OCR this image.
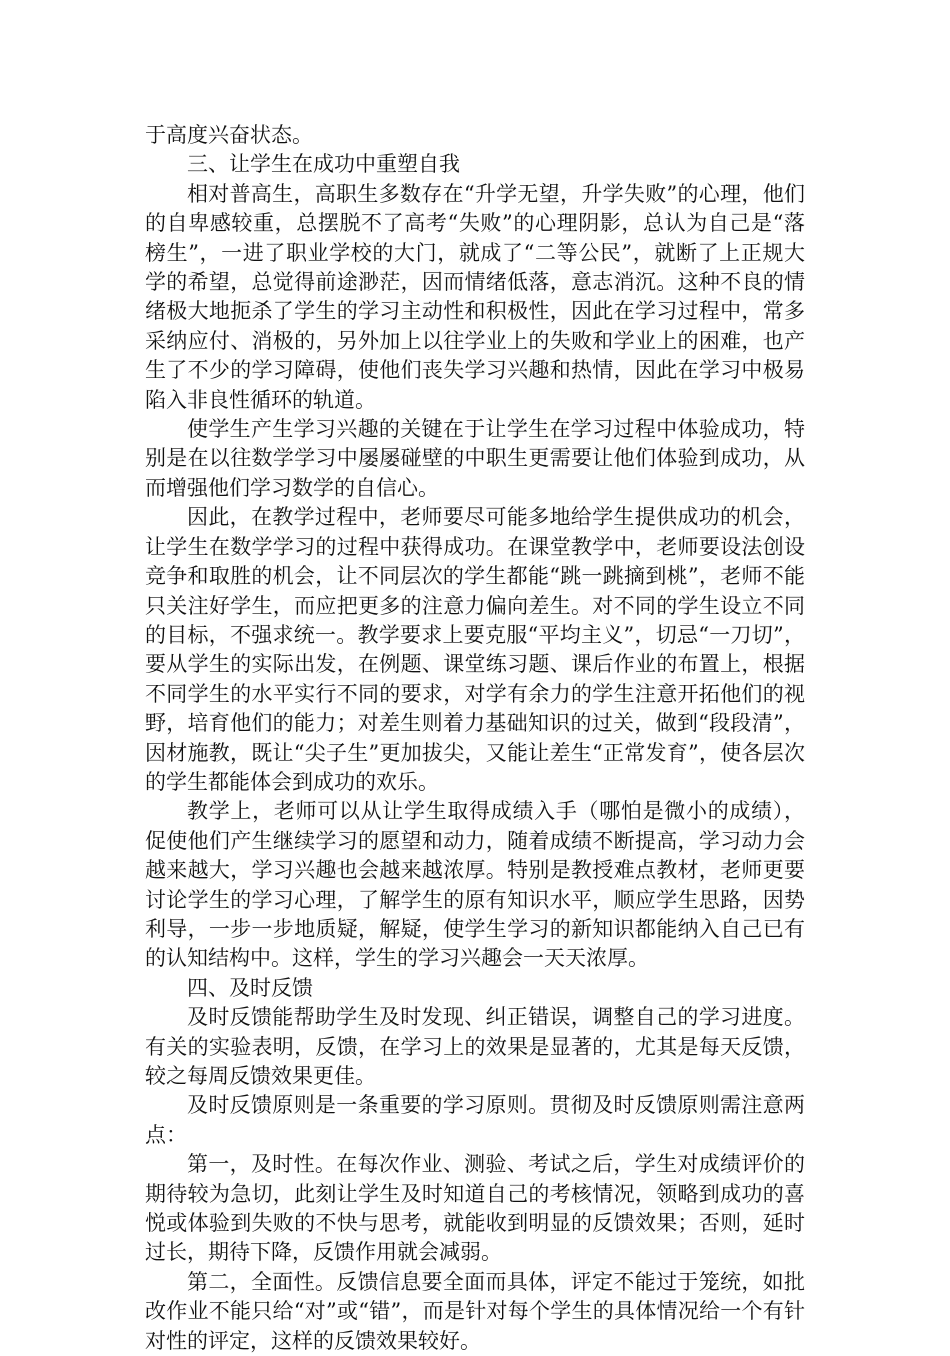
于高度兴奋状态。

三、让学生在成功中重塑自我

相对普高生，高职生多数存在“升学无望，升学失败”的心理，他们的自卑感较重，总摆脱不了高考“失败”的心理阴影，总认为自己是“落榜生”，一进了职业学校的大门，就成了“二等公民”，就断了上正规大学的希望，总觉得前途渺茫，因而情绪低落，意志消沉。这种不良的情绪极大地扼杀了学生的学习主动性和积极性，因此在学习过程中，常多采纳应付、消极的，另外加上以往学业上的失败和学业上的困难，也产生了不少的学习障碍，使他们丧失学习兴趣和热情，因此在学习中极易陷入非良性循环的轨道。

使学生产生学习兴趣的关键在于让学生在学习过程中体验成功，特别是在以往数学学习中屡屡碰壁的中职生更需要让他们体验到成功，从而增强他们学习数学的自信心。

因此，在教学过程中，老师要尽可能多地给学生提供成功的机会，让学生在数学学习的过程中获得成功。在课堂教学中，老师要设法创设竞争和取胜的机会，让不同层次的学生都能“跳一跳摘到桃”，老师不能只关注好学生，而应把更多的注意力偏向差生。对不同的学生设立不同的目标，不强求统一。教学要求上要克服“平均主义”，切忌“一刀切”，要从学生的实际出发，在例题、课堂练习题、课后作业的布置上，根据不同学生的水平实行不同的要求，对学有余力的学生注意开拓他们的视野，培育他们的能力；对差生则着力基础知识的过关，做到“段段清”，因材施教，既让“尖子生”更加拔尖，又能让差生“正常发育”，使各层次的学生都能体会到成功的欢乐。

教学上，老师可以从让学生取得成绩入手（哪怕是微小的成绩），促使他们产生继续学习的愿望和动力，随着成绩不断提高，学习动力会越来越大，学习兴趣也会越来越浓厚。特别是教授难点教材，老师更要讨论学生的学习心理，了解学生的原有知识水平，顺应学生思路，因势利导，一步一步地质疑，解疑，使学生学习的新知识都能纳入自己已有的认知结构中。这样，学生的学习兴趣会一天天浓厚。

四、及时反馈

及时反馈能帮助学生及时发现、纠正错误，调整自己的学习进度。有关的实验表明，反馈，在学习上的效果是显著的，尤其是每天反馈，较之每周反馈效果更佳。

及时反馈原则是一条重要的学习原则。贯彻及时反馈原则需注意两点：

第一，及时性。在每次作业、测验、考试之后，学生对成绩评价的期待较为急切，此刻让学生及时知道自己的考核情况，领略到成功的喜悦或体验到失败的不快与思考，就能收到明显的反馈效果；否则，延时过长，期待下降，反馈作用就会减弱。

第二，全面性。反馈信息要全面而具体，评定不能过于笼统，如批改作业不能只给“对”或“错”，而是针对每个学生的具体情况给一个有针对性的评定，这样的反馈效果较好。
